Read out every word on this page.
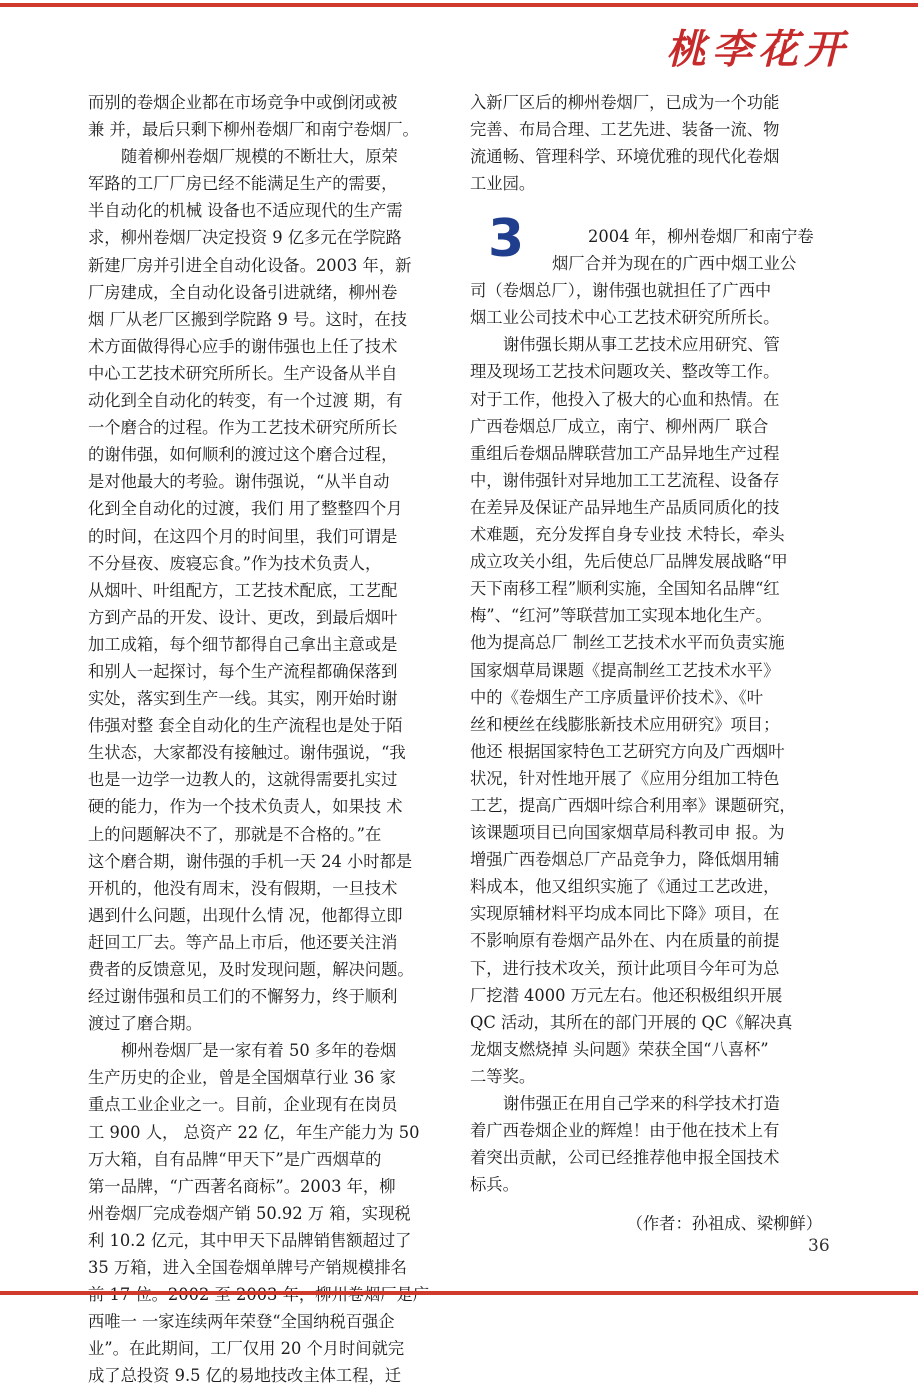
桃李花开
而别的卷烟企业都在市场竞争中或倒闭或被
兼 并，最后只剩下柳州卷烟厂和南宁卷烟厂。
随着柳州卷烟厂规模的不断壮大，原荣
军路的工厂厂房已经不能满足生产的需要，
半自动化的机械 设备也不适应现代的生产需
求，柳州卷烟厂决定投资 9 亿多元在学院路
新建厂房并引进全自动化设备。2003 年，新
厂房建成，全自动化设备引进就绪，柳州卷
烟 厂从老厂区搬到学院路 9 号。这时，在技
术方面做得得心应手的谢伟强也上任了技术
中心工艺技术研究所所长。生产设备从半自
动化到全自动化的转变，有一个过渡 期，有
一个磨合的过程。作为工艺技术研究所所长
的谢伟强，如何顺利的渡过这个磨合过程，
是对他最大的考验。谢伟强说，“从半自动
化到全自动化的过渡，我们 用了整整四个月
的时间，在这四个月的时间里，我们可谓是
不分昼夜、废寝忘食。”作为技术负责人，
从烟叶、叶组配方，工艺技术配底，工艺配
方到产品的开发、设计、更改，到最后烟叶
加工成箱，每个细节都得自己拿出主意或是
和别人一起探讨，每个生产流程都确保落到
实处，落实到生产一线。其实，刚开始时谢
伟强对整 套全自动化的生产流程也是处于陌
生状态，大家都没有接触过。谢伟强说，“我
也是一边学一边教人的，这就得需要扎实过
硬的能力，作为一个技术负责人，如果技 术
上的问题解决不了，那就是不合格的。”在
这个磨合期，谢伟强的手机一天 24 小时都是
开机的，他没有周末，没有假期，一旦技术
遇到什么问题，出现什么情 况，他都得立即
赶回工厂去。等产品上市后，他还要关注消
费者的反馈意见，及时发现问题，解决问题。
经过谢伟强和员工们的不懈努力，终于顺利
渡过了磨合期。
柳州卷烟厂是一家有着 50 多年的卷烟
生产历史的企业，曾是全国烟草行业 36 家
重点工业企业之一。目前，企业现有在岗员
工 900 人， 总资产 22 亿，年生产能力为 50
万大箱，自有品牌“甲天下”是广西烟草的
第一品牌，“广西著名商标”。2003 年，柳
州卷烟厂完成卷烟产销 50.92 万 箱，实现税
利 10.2 亿元，其中甲天下品牌销售额超过了
35 万箱，进入全国卷烟单牌号产销规模排名
西唯一 一家连续两年荣登“全国纳税百强企
业”。在此期间，工厂仅用 20 个月时间就完
成了总投资 9.5 亿的易地技改主体工程，迁
入新厂区后的柳州卷烟厂，已成为一个功能
完善、布局合理、工艺先进、装备一流、物
流通畅、管理科学、环境优雅的现代化卷烟
工业园。
3	2004 年，柳州卷烟厂和南宁卷
烟厂合并为现在的广西中烟工业公
司（卷烟总厂），谢伟强也就担任了广西中
烟工业公司技术中心工艺技术研究所所长。
谢伟强长期从事工艺技术应用研究、管
理及现场工艺技术问题攻关、整改等工作。
对于工作，他投入了极大的心血和热情。在
广西卷烟总厂成立，南宁、柳州两厂 联合
重组后卷烟品牌联营加工产品异地生产过程
中，谢伟强针对异地加工工艺流程、设备存
在差异及保证产品异地生产品质同质化的技
术难题，充分发挥自身专业技 术特长，牵头
成立攻关小组，先后使总厂品牌发展战略“甲
天下南移工程”顺利实施，全国知名品牌“红
梅”、“红河”等联营加工实现本地化生产。
他为提高总厂 制丝工艺技术水平而负责实施
国家烟草局课题《提高制丝工艺技术水平》
中的《卷烟生产工序质量评价技术》、《叶
丝和梗丝在线膨胀新技术应用研究》项目；
他还 根据国家特色工艺研究方向及广西烟叶
状况，针对性地开展了《应用分组加工特色
工艺，提高广西烟叶综合利用率》课题研究，
该课题项目已向国家烟草局科教司申 报。为
增强广西卷烟总厂产品竞争力，降低烟用辅
料成本，他又组织实施了《通过工艺改进，
实现原辅材料平均成本同比下降》项目，在
不影响原有卷烟产品外在、内在质量的前提
下，进行技术攻关，预计此项目今年可为总
厂挖潜 4000 万元左右。他还积极组织开展
QC 活动，其所在的部门开展的 QC《解决真
龙烟支燃烧掉 头问题》荣获全国“八喜杯”
二等奖。
谢伟强正在用自己学来的科学技术打造
着广西卷烟企业的辉煌！由于他在技术上有
着突出贡献，公司已经推荐他申报全国技术
标兵。
（作者：孙祖成、梁柳鲜）
36
